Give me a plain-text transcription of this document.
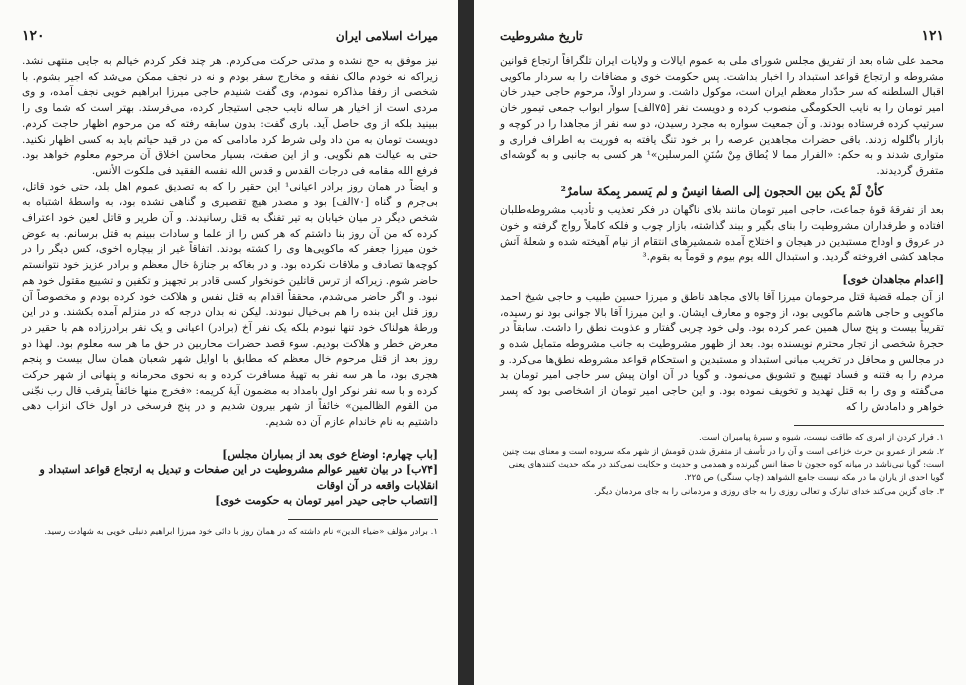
میراث اسلامی ایران
۱۲۰

نیز موفق به حج نشده و مدتی حرکت می‌کردم. هر چند فکر کردم خیالم به جایی منتهی نشد. زیراکه نه خودم مالک نفقه و مخارج سفر بودم و نه در نجف ممکن می‌شد که اجیر بشوم. با شخصی از رفقا مذاکره نمودم، وی گفت شنیدم حاجی میرزا ابراهیم خویی نجف آمده، و وی مردی است از اخیار هر ساله نایب حجی استیجار کرده، می‌فرستد. بهتر است که شما وی را ببینید بلکه از وی حاصل آید. باری گفت: بدون سابقه رفته که من مرحوم اظهار حاجت کردم. دویست تومان به من داد ولی شرط کرد مادامی که من در قید حیاتم باید به کسی اظهار نکنید. حتی به عیالت هم نگویی. و از این صفت، بسیار محاسن اخلاق آن مرحوم معلوم خواهد بود. فرفع الله مقامه فی درجات القدس و قدس الله نفسه الفقید فی ملکوت الأنس.

و ایضاً در همان روز برادر اعیانی¹ این حقیر را که به تصدیق عموم اهل بلد، حتی خود قاتل، بی‌جرم و گناه [۷۰الف] بود و مصدر هیچ تقصیری و گناهی نشده بود، به واسطهٔ اشتباه به شخص دیگر در میان خیابان به تیر تفنگ به قتل رسانیدند. و آن طریر و قاتل لعین خود اعتراف کرده که من آن روز بنا داشتم که هر کس را از علما و سادات ببینم به قتل برسانم. به عوض خون میرزا جعفر که ماکویی‌ها وی را کشته بودند. اتفاقاً غیر از بیچاره اخوی، کس دیگر را در کوچه‌ها تصادف و ملاقات نکرده بود. و در بغاکه بر جنازهٔ خال معظم و برادر عزیز خود نتوانستم حاضر شوم. زیراکه از ترس قاتلین خونخوار کسی قادر بر تجهیز و تکفین و تشییع مقتول خود هم نبود. و اگر حاضر می‌شدم، محققاً اقدام به قتل نفس و هلاکت خود کرده بودم و مخصوصاً آن روز قتل این بنده را هم بی‌خیال نبودند. لیکن نه بدان درجه که در منزلم آمده بکشند. و در این ورطهٔ هولناک خود تنها نبودم بلکه یک نفر آخ (برادر) اعیانی و یک نفر برادرزاده هم با حقیر در معرض خطر و هلاکت بودیم. سوء قصد حضرات محاربین در حق ما هر سه معلوم بود. لهذا دو روز بعد از قتل مرحوم خال معظم که مطابق با اوایل شهر شعبان همان سال بیست و پنجم هجری بود، ما هر سه نفر به تهیهٔ مسافرت کرده و به نحوی محرمانه و پنهانی از شهر حرکت کرده و با سه نفر نوکر اول بامداد به مضمون آیهٔ کریمه: «فخرج منها خائفاً یترقب قال رب نجّنی من القوم الظالمین» خائفاً از شهر بیرون شدیم و در پنج فرسخی در اول خاک انزاب دهی داشتیم به نام خاندام عازم آن ده شدیم.

[باب چهارم: اوضاع خوی بعد از بمباران مجلس]
[۷۴ب] در بیان تغییر عوالم مشروطیت در این صفحات و تبدیل به ارتجاع قواعد استبداد و انقلابات واقعه در آن اوقات
[انتصاب حاجی حیدر امیر تومان به حکومت خوی]
۱. برادر مؤلف «ضیاء الدین» نام داشته که در همان روز با دائی خود میرزا ابراهیم دنبلی خویی به شهادت رسید.
۱۲۱
تاریخ مشروطیت

محمد علی شاه بعد از تفریق مجلس شورای ملی به عموم ایالات و ولایات ایران تلگرافاً ارتجاع قوانین مشروطه و ارتجاع قواعد استبداد را اخبار بداشت. پس حکومت خوی و مضافات را به سردار ماکویی اقبال السلطنه که سر حدّدار معظم ایران است، موکول داشت. و سردار اولاً، مرحوم حاجی حیدر خان امیر تومان را به نایب الحکومگی منصوب کرده و دویست نفر [۷۵الف] سوار ابواب جمعی تیمور خان سرتیپ کرده فرستاده بودند. و آن جمعیت سواره به مجرد رسیدن، دو سه نفر از مجاهدا را در کوچه و بازار باگلوله زدند. باقی حضرات مجاهدین عرصه را بر خود تنگ یافته به فوریت به اطراف فراری و متواری شدند و به حکم: «الفرار مما لا یُطاق مِنْ سُنَنِ المرسلین»¹ هر کسی به جانبی و به گوشه‌ای متفرق گردیدند.

کأنْ لَمْ یکن بین الحجون إلی الصفا انیسٌ و لم یَسمر بِمکة سامرٌ²

بعد از تفرقهٔ قوهٔ جماعت، حاجی امیر تومان مانند بلای ناگهان در فکر تعذیب و تأدیب مشروطه‌طلبان افتاده و طرفداران مشروطیت را بنای بگیر و ببند گذاشته، بازار چوب و فلکه کاملاً رواج گرفته و خون در عروق و اوداج مستبدین در هیجان و اختلاج آمده شمشیرهای انتقام از نیام آهیخته شده و شعلهٔ آتش مجاهد کشی افروخته گردید. و استبدال الله یوم بیوم و قوماً به بقوم.³

[اعدام مجاهدان خوی]

از آن جمله قضیهٔ قتل مرحومان میرزا آقا بالای مجاهد ناطق و میرزا حسین طبیب و حاجی شیخ احمد ماکویی و حاجی هاشم ماکویی بود، از وجوه و معارف ایشان. و این میرزا آقا بالا جوانی بود نو رسیده، تقریباً بیست و پنج سال همین عمر کرده بود. ولی خود چربی گفتار و عذوبت نطق را داشت. سابقاً در حجرهٔ شخصی از تجار محترم نویسنده بود. بعد از ظهور مشروطیت به جانب مشروطه متمایل شده و در مجالس و محافل در تخریب مبانی استبداد و مستبدین و استحکام قواعد مشروطه نطق‌ها می‌کرد. و مردم را به فتنه و فساد تهییج و تشویق می‌نمود. و گویا در آن اوان پیش سر حاجی امیر تومان بد می‌گفته و وی را به قتل تهدید و تخویف نموده بود. و این حاجی امیر تومان از اشخاصی بود که پسر خواهر و دامادش را که

۱. فرار کردن از امری که طاقت نیست، شیوه و سیرهٔ پیامبران است.
۲. شعر از عمرو بن حرث خزاعی است و آن را در تأسف از متفرق شدن قومش از شهر مکه سروده است و معنای بیت چنین است: گویا نبی‌ناشد در میانه کوه حجون تا صفا انس گیرنده و همدمی و حدیث و حکایت نمی‌کند در مکه حدیث کنندهای یعنی گویا احدی از یاران ما در مکه نیست جامع الشواهد (چاپ سنگی) ص ۲۲۵.
۳. جای گزین می‌کند خدای تبارک و تعالی روزی را به جای روزی و مردمانی را به جای مردمان دیگر.
